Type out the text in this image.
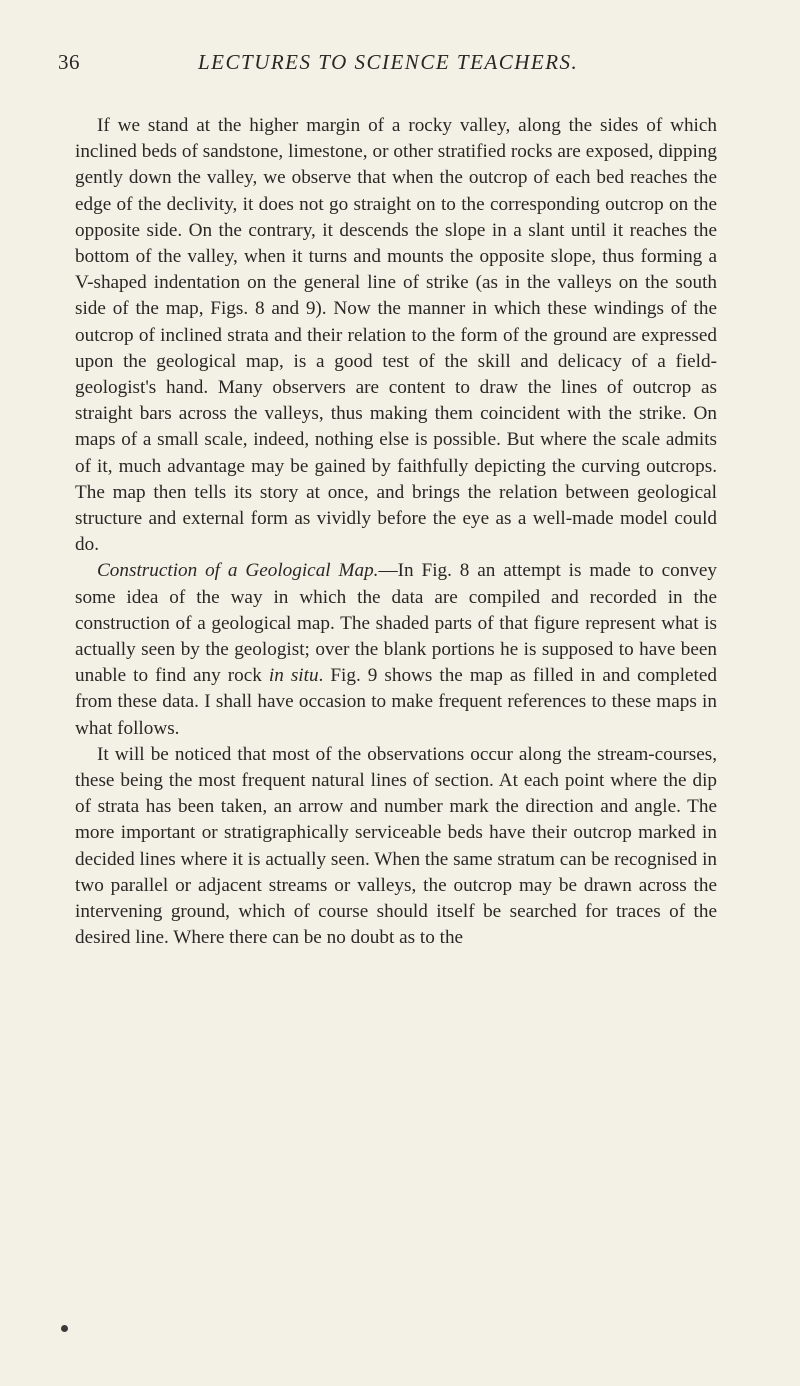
36	LECTURES TO SCIENCE TEACHERS.

If we stand at the higher margin of a rocky valley, along the sides of which inclined beds of sandstone, limestone, or other stratified rocks are exposed, dipping gently down the valley, we observe that when the outcrop of each bed reaches the edge of the declivity, it does not go straight on to the corresponding outcrop on the opposite side. On the contrary, it descends the slope in a slant until it reaches the bottom of the valley, when it turns and mounts the opposite slope, thus forming a V-shaped indentation on the general line of strike (as in the valleys on the south side of the map, Figs. 8 and 9). Now the manner in which these windings of the outcrop of inclined strata and their relation to the form of the ground are expressed upon the geological map, is a good test of the skill and delicacy of a field-geologist's hand. Many observers are content to draw the lines of outcrop as straight bars across the valleys, thus making them coincident with the strike. On maps of a small scale, indeed, nothing else is possible. But where the scale admits of it, much advantage may be gained by faithfully depicting the curving outcrops. The map then tells its story at once, and brings the relation between geological structure and external form as vividly before the eye as a well-made model could do.

Construction of a Geological Map.—In Fig. 8 an attempt is made to convey some idea of the way in which the data are compiled and recorded in the construction of a geological map. The shaded parts of that figure represent what is actually seen by the geologist; over the blank portions he is supposed to have been unable to find any rock in situ. Fig. 9 shows the map as filled in and completed from these data. I shall have occasion to make frequent references to these maps in what follows.

It will be noticed that most of the observations occur along the stream-courses, these being the most frequent natural lines of section. At each point where the dip of strata has been taken, an arrow and number mark the direction and angle. The more important or stratigraphically serviceable beds have their outcrop marked in decided lines where it is actually seen. When the same stratum can be recognised in two parallel or adjacent streams or valleys, the outcrop may be drawn across the intervening ground, which of course should itself be searched for traces of the desired line. Where there can be no doubt as to the
